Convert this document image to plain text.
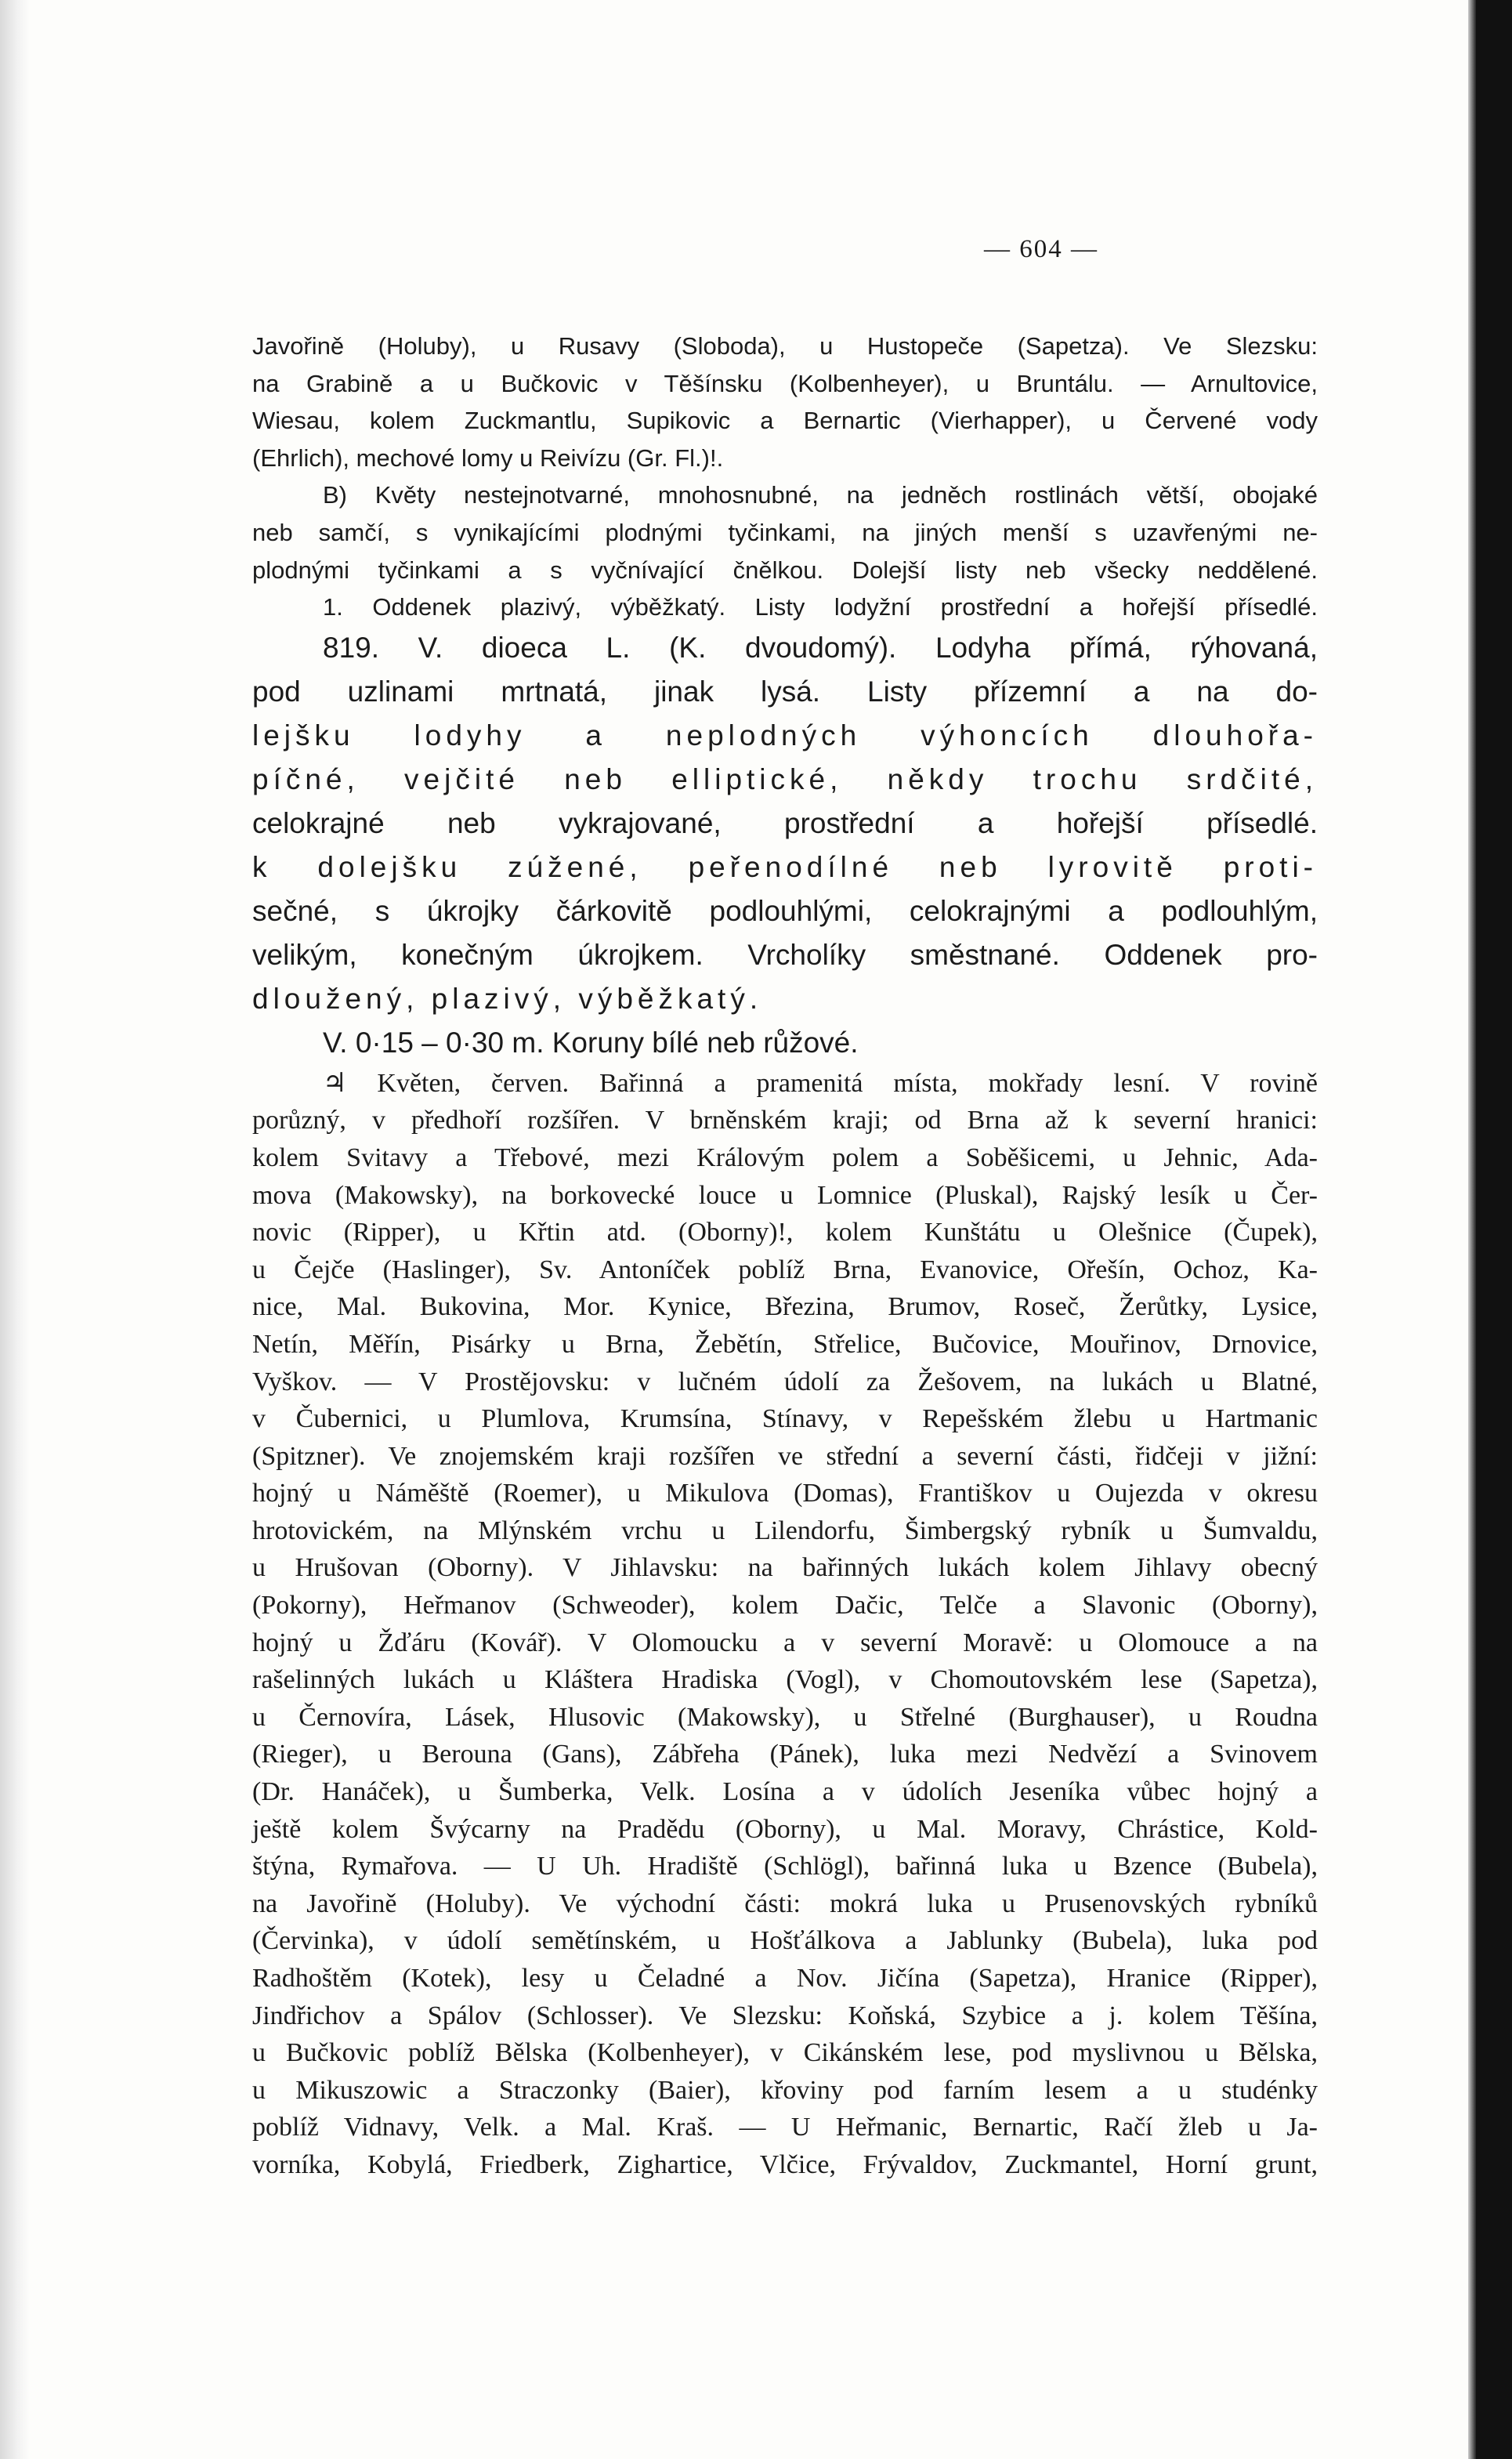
— 604 —
Javořině (Holuby), u Rusavy (Sloboda), u Hustopeče (Sapetza). Ve Slezsku:
na Grabině a u Bučkovic v Těšínsku (Kolbenheyer), u Bruntálu. — Arnultovice,
Wiesau, kolem Zuckmantlu, Supikovic a Bernartic (Vierhapper), u Červené vody
(Ehrlich), mechové lomy u Reivízu (Gr. Fl.)!.
B) Květy nestejnotvarné, mnohosnubné, na jedněch rostlinách větší, obojaké
neb samčí, s vynikajícími plodnými tyčinkami, na jiných menší s uzavřenými ne-
plodnými tyčinkami a s vyčnívající čnělkou. Dolejší listy neb všecky neddělené.
1. Oddenek plazivý, výběžkatý. Listy lodyžní prostřední a hořejší přísedlé.
819. V. dioeca L. (K. dvoudomý). Lodyha přímá, rýhovaná,
pod uzlinami mrtnatá, jinak lysá. Listy přízemní a na do-
lejšku lodyhy a neplodných výhoncích dlouhořa-
píčné, vejčité neb elliptické, někdy trochu srdčité,
celokrajné neb vykrajované, prostřední a hořejší přísedlé.
k dolejšku zúžené, peřenodílné neb lyrovitě proti-
sečné, s úkrojky čárkovitě podlouhlými, celokrajnými a podlouhlým,
velikým, konečným úkrojkem. Vrcholíky směstnané. Oddenek pro-
dloužený, plazivý, výběžkatý.
V. 0·15 – 0·30 m. Koruny bílé neb růžové.
♃ Květen, červen. Bařinná a pramenitá místa, mokřady lesní. V rovině
porůzný, v předhoří rozšířen. V brněnském kraji; od Brna až k severní hranici:
kolem Svitavy a Třebové, mezi Královým polem a Soběšicemi, u Jehnic, Ada-
mova (Makowsky), na borkovecké louce u Lomnice (Pluskal), Rajský lesík u Čer-
novic (Ripper), u Křtin atd. (Oborny)!, kolem Kunštátu u Olešnice (Čupek),
u Čejče (Haslinger), Sv. Antoníček poblíž Brna, Evanovice, Ořešín, Ochoz, Ka-
nice, Mal. Bukovina, Mor. Kynice, Březina, Brumov, Roseč, Žerůtky, Lysice,
Netín, Měřín, Pisárky u Brna, Žebětín, Střelice, Bučovice, Mouřinov, Drnovice,
Vyškov. — V Prostějovsku: v lučném údolí za Žešovem, na lukách u Blatné,
v Čubernici, u Plumlova, Krumsína, Stínavy, v Repešském žlebu u Hartmanic
(Spitzner). Ve znojemském kraji rozšířen ve střední a severní části, řidčeji v jižní:
hojný u Náměště (Roemer), u Mikulova (Domas), Františkov u Oujezda v okresu
hrotovickém, na Mlýnském vrchu u Lilendorfu, Šimbergský rybník u Šumvaldu,
u Hrušovan (Oborny). V Jihlavsku: na bařinných lukách kolem Jihlavy obecný
(Pokorny), Heřmanov (Schweoder), kolem Dačic, Telče a Slavonic (Oborny),
hojný u Žďáru (Kovář). V Olomoucku a v severní Moravě: u Olomouce a na
rašelinných lukách u Kláštera Hradiska (Vogl), v Chomoutovském lese (Sapetza),
u Černovíra, Lásek, Hlusovic (Makowsky), u Střelné (Burghauser), u Roudna
(Rieger), u Berouna (Gans), Zábřeha (Pánek), luka mezi Nedvězí a Svinovem
(Dr. Hanáček), u Šumberka, Velk. Losína a v údolích Jeseníka vůbec hojný a
ještě kolem Švýcarny na Pradědu (Oborny), u Mal. Moravy, Chrástice, Kold-
štýna, Rymařova. — U Uh. Hradiště (Schlögl), bařinná luka u Bzence (Bubela),
na Javořině (Holuby). Ve východní části: mokrá luka u Prusenovských rybníků
(Červinka), v údolí semětínském, u Hošťálkova a Jablunky (Bubela), luka pod
Radhoštěm (Kotek), lesy u Čeladné a Nov. Jičína (Sapetza), Hranice (Ripper),
Jindřichov a Spálov (Schlosser). Ve Slezsku: Koňská, Szybice a j. kolem Těšína,
u Bučkovic poblíž Bělska (Kolbenheyer), v Cikánském lese, pod myslivnou u Bělska,
u Mikuszowic a Straczonky (Baier), křoviny pod farním lesem a u studénky
poblíž Vidnavy, Velk. a Mal. Kraš. — U Heřmanic, Bernartic, Račí žleb u Ja-
vorníka, Kobylá, Friedberk, Zighartice, Vlčice, Frývaldov, Zuckmantel, Horní grunt,
